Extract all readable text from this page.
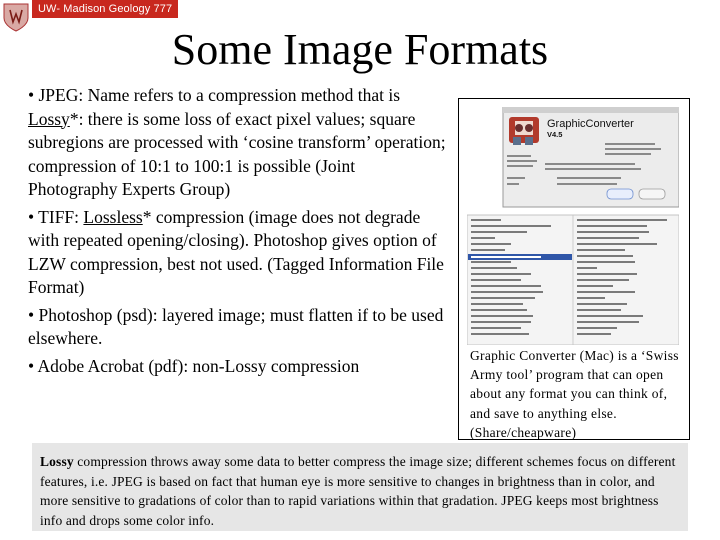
UW- Madison Geology 777
Some Image Formats

• JPEG: Name refers to a compression method that is Lossy*: there is some loss of exact pixel values; square subregions are processed with ‘cosine transform’ operation; compression of 10:1 to 100:1 is possible (Joint Photography Experts Group)

• TIFF: Lossless* compression (image does not degrade with repeated opening/closing). Photoshop gives option of LZW compression, best not used. (Tagged Information File Format)

• Photoshop (psd): layered image; must flatten if to be used elsewhere.

• Adobe Acrobat (pdf): non-Lossy compression

GraphicConverter
V4.5
Graphic Converter (Mac) is a ‘Swiss Army tool’ program that can open about any format you can think of, and save to anything else. (Share/cheapware)
Lossy compression throws away some data to better compress the image size; different schemes focus on different features, i.e. JPEG is based on fact that human eye is more sensitive to changes in brightness than in color, and more sensitive to gradations of color than to rapid variations within that gradation. JPEG keeps most brightness info and drops some color info.
